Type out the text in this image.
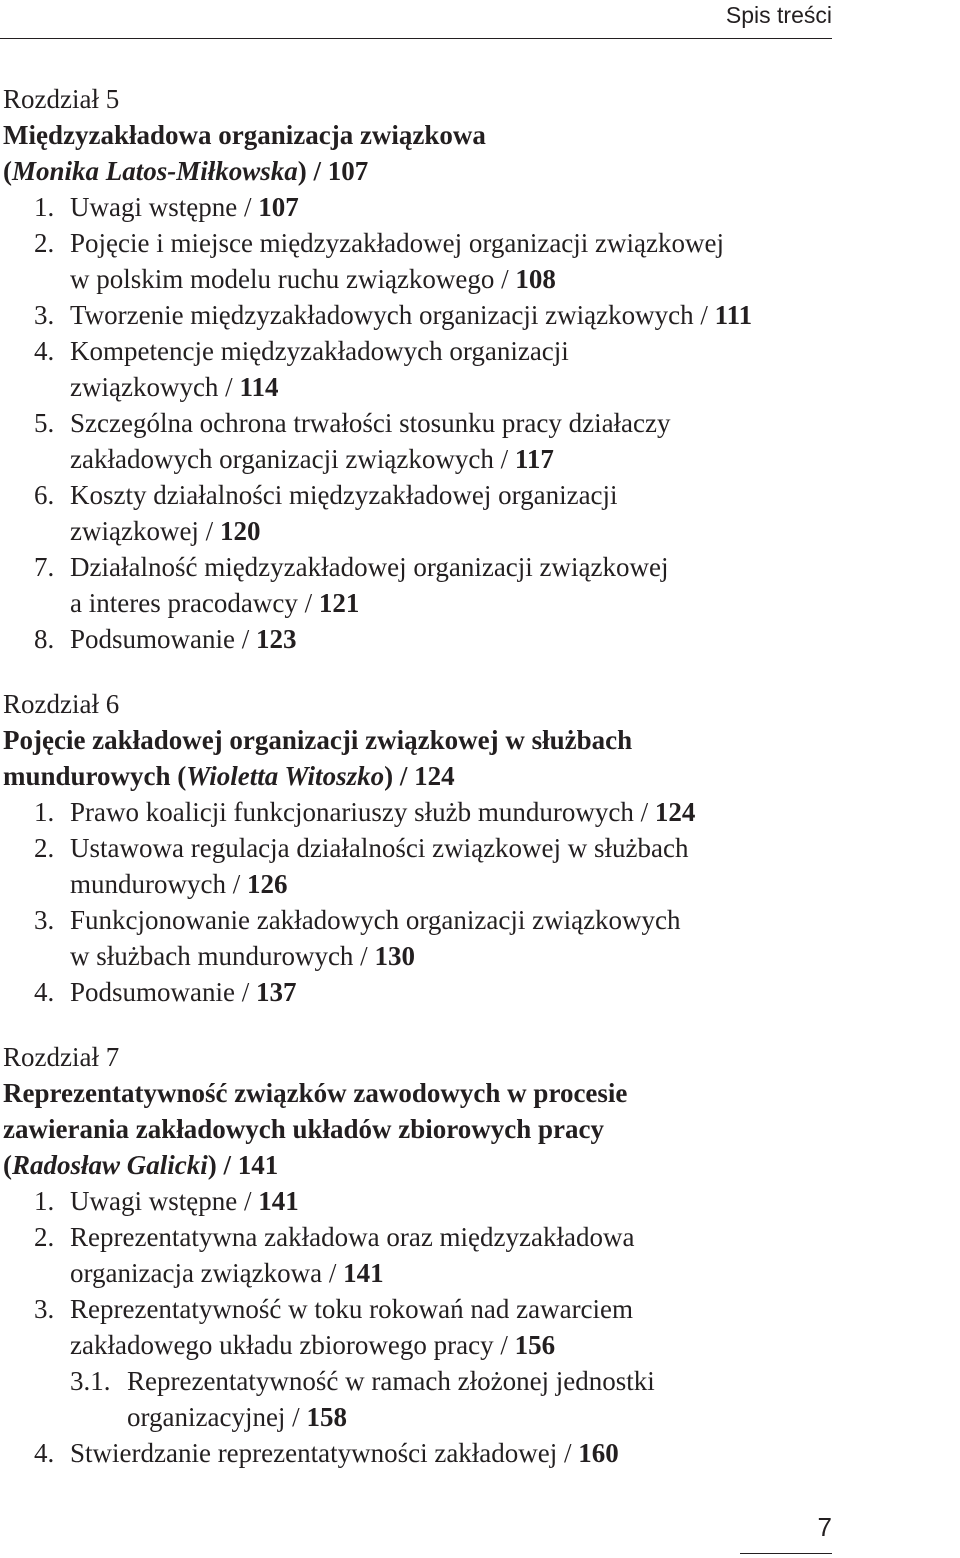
Spis treści
Rozdział 5
Międzyzakładowa organizacja związkowa
(Monika Latos-Miłkowska) / 107
1. Uwagi wstępne / 107
2. Pojęcie i miejsce międzyzakładowej organizacji związkowej
w polskim modelu ruchu związkowego / 108
3. Tworzenie międzyzakładowych organizacji związkowych / 111
4. Kompetencje międzyzakładowych organizacji
związkowych / 114
5. Szczególna ochrona trwałości stosunku pracy działaczy
zakładowych organizacji związkowych / 117
6. Koszty działalności międzyzakładowej organizacji
związkowej / 120
7. Działalność międzyzakładowej organizacji związkowej
a interes pracodawcy / 121
8. Podsumowanie / 123
Rozdział 6
Pojęcie zakładowej organizacji związkowej w służbach
mundurowych (Wioletta Witoszko) / 124
1. Prawo koalicji funkcjonariuszy służb mundurowych / 124
2. Ustawowa regulacja działalności związkowej w służbach
mundurowych / 126
3. Funkcjonowanie zakładowych organizacji związkowych
w służbach mundurowych / 130
4. Podsumowanie / 137
Rozdział 7
Reprezentatywność związków zawodowych w procesie
zawierania zakładowych układów zbiorowych pracy
(Radosław Galicki) / 141
1. Uwagi wstępne / 141
2. Reprezentatywna zakładowa oraz międzyzakładowa
organizacja związkowa / 141
3. Reprezentatywność w toku rokowań nad zawarciem
zakładowego układu zbiorowego pracy / 156
3.1. Reprezentatywność w ramach złożonej jednostki
organizacyjnej / 158
4. Stwierdzanie reprezentatywności zakładowej / 160
7
